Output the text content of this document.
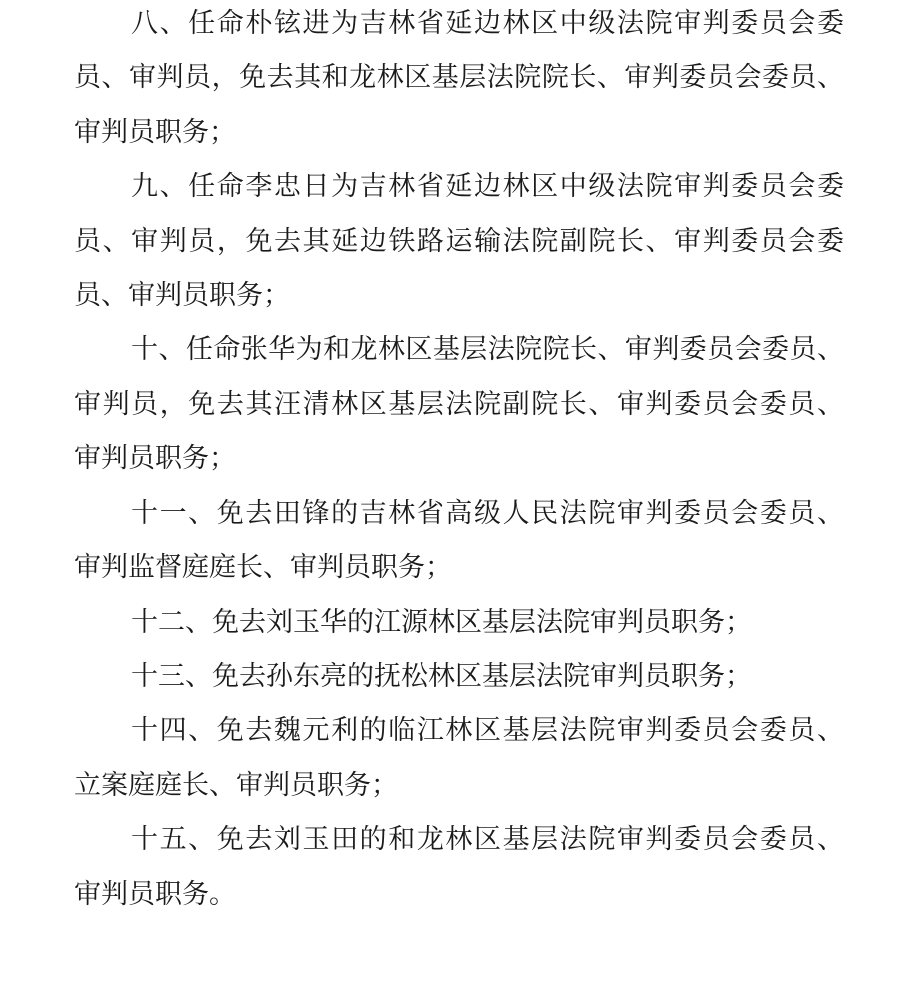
八、任命朴铉进为吉林省延边林区中级法院审判委员会委
员、审判员，免去其和龙林区基层法院院长、审判委员会委员、
审判员职务；
九、任命李忠日为吉林省延边林区中级法院审判委员会委
员、审判员，免去其延边铁路运输法院副院长、审判委员会委
员、审判员职务；
十、任命张华为和龙林区基层法院院长、审判委员会委员、
审判员，免去其汪清林区基层法院副院长、审判委员会委员、
审判员职务；
十一、免去田锋的吉林省高级人民法院审判委员会委员、
审判监督庭庭长、审判员职务；
十二、免去刘玉华的江源林区基层法院审判员职务；
十三、免去孙东亮的抚松林区基层法院审判员职务；
十四、免去魏元利的临江林区基层法院审判委员会委员、
立案庭庭长、审判员职务；
十五、免去刘玉田的和龙林区基层法院审判委员会委员、
审判员职务。
